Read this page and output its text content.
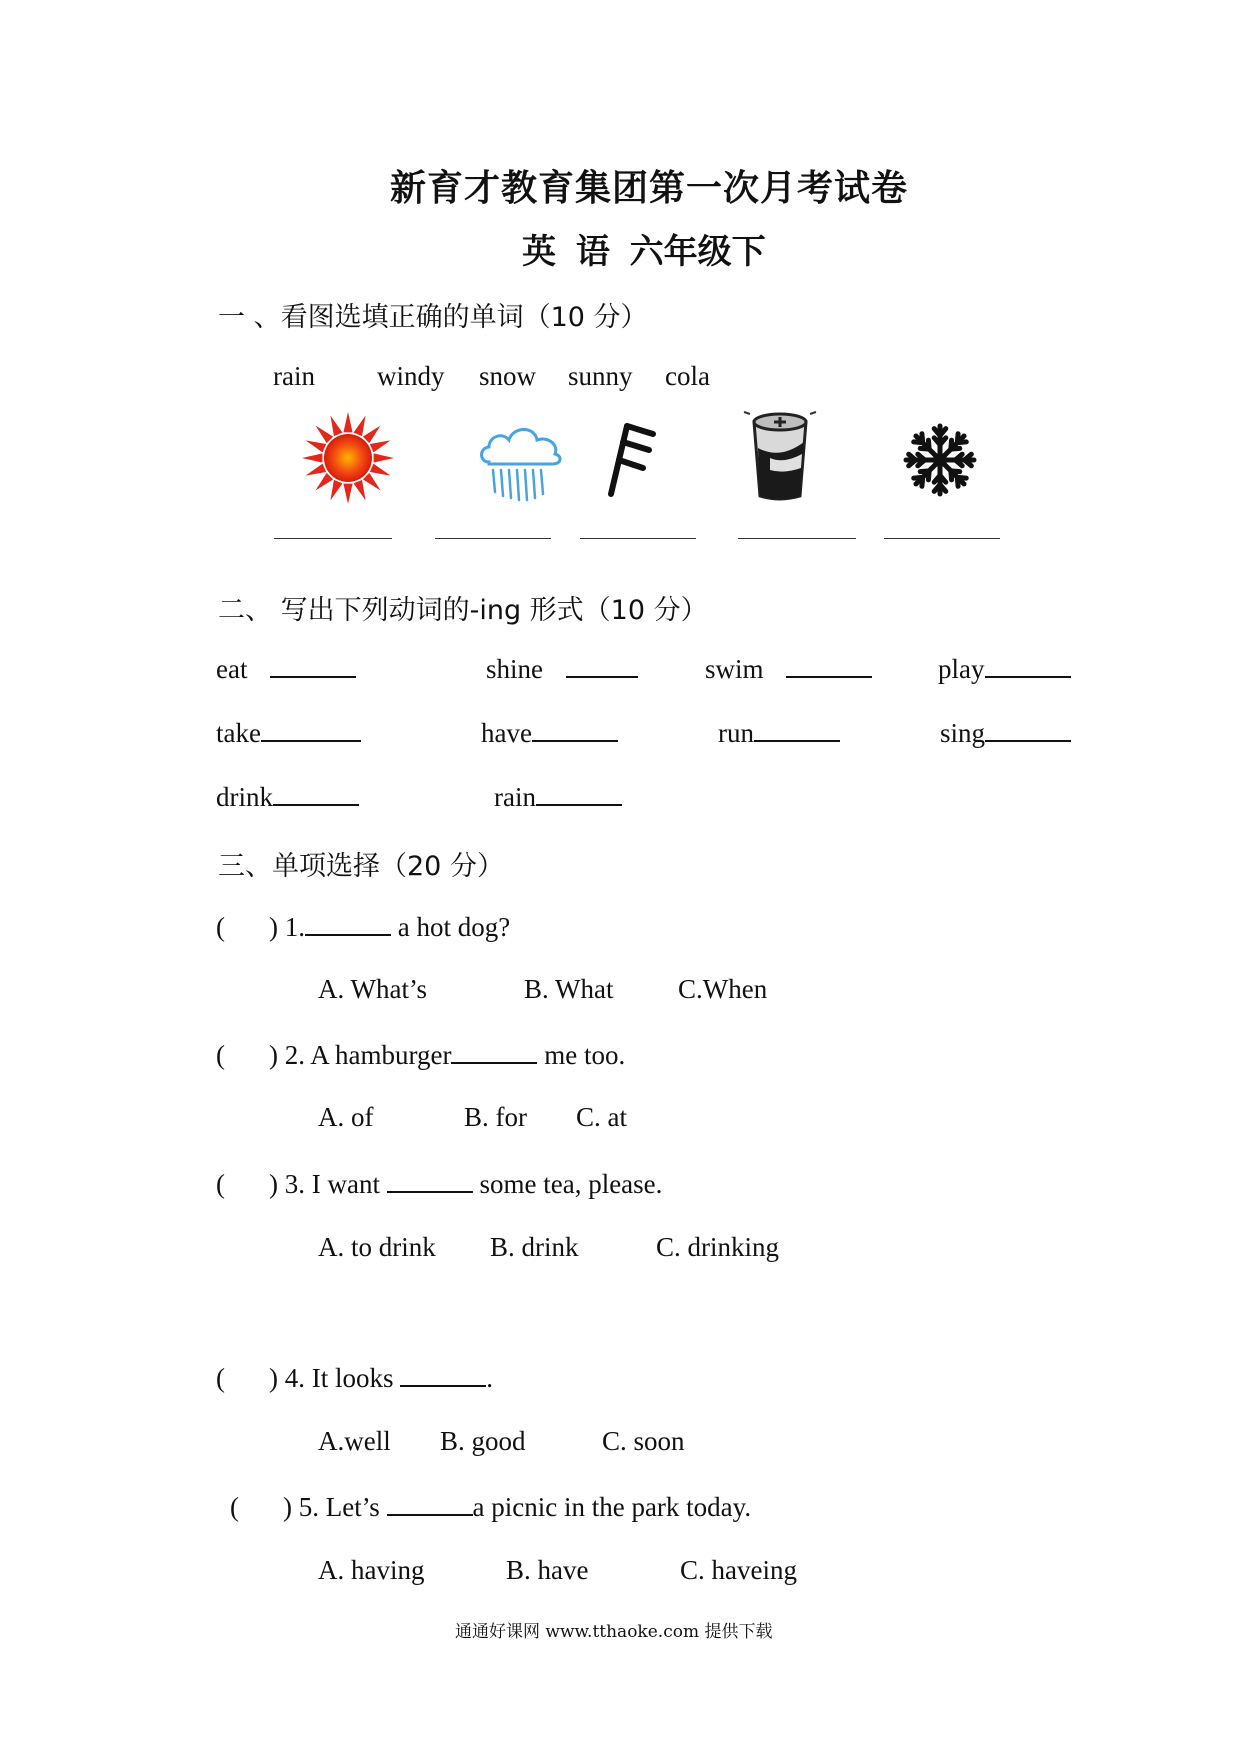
新育才教育集团第一次月考试卷
英 语 六年级下
一 、看图选填正确的单词（10 分）
rain windy snow sunny cola
二、 写出下列动词的-ing 形式（10 分）
eat	shine	swim	play
take	have	run	sing
drink	rain
三、单项选择（20 分）
( ) 1.	a hot dog?
A. What’s	B. What C.When
( ) 2. A hamburger	me too.
A. of	B. for C. at
( ) 3. I want	some tea, please.
A. to drink B. drink	C. drinking
( ) 4. It looks	.
A.well B. good	C. soon
( ) 5. Let’s	a picnic in the park today.
A. having	B. have	C. haveing
通通好课网 www.tthaoke.com 提供下载
